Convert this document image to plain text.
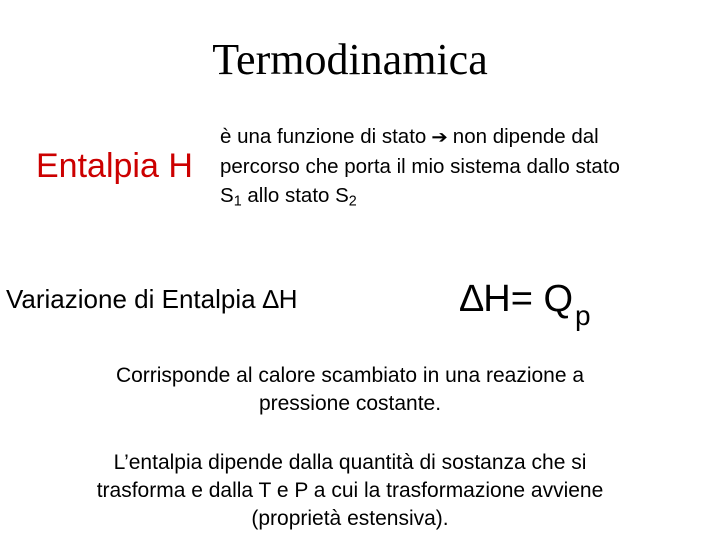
Termodinamica
Entalpia H
è una funzione di stato ➔ non dipende dal
percorso che porta il mio sistema dallo stato
$S_1$ allo stato $S_2$
Variazione di Entalpia ∆H	$\Delta H= Q_p$
Corrisponde al calore scambiato in una reazione a
pressione costante.
L’entalpia dipende dalla quantità di sostanza che si
trasforma e dalla T e P a cui la trasformazione avviene
(proprietà estensiva).
